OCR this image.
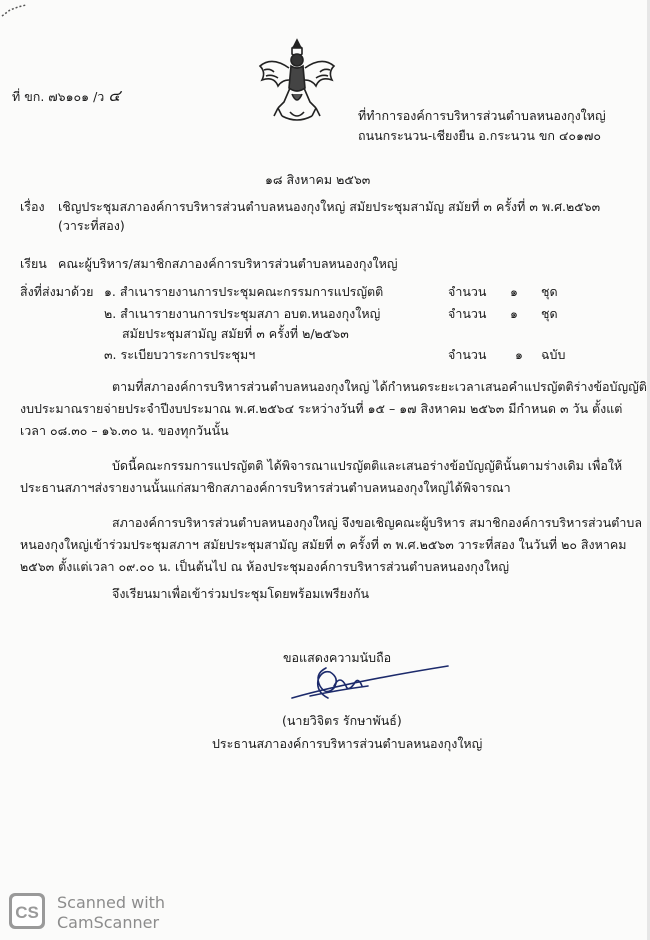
ที่ ขก. ๗๖๑๐๑ /ว ๔
ที่ทำการองค์การบริหารส่วนตำบลหนองกุงใหญ่
ถนนกระนวน-เชียงยืน อ.กระนวน ขก ๔๐๑๗๐
๑๘ สิงหาคม ๒๕๖๓
เรื่อง เชิญประชุมสภาองค์การบริหารส่วนตำบลหนองกุงใหญ่ สมัยประชุมสามัญ สมัยที่ ๓ ครั้งที่ ๓ พ.ศ.๒๕๖๓
(วาระที่สอง)
เรียน คณะผู้บริหาร/สมาชิกสภาองค์การบริหารส่วนตำบลหนองกุงใหญ่
สิ่งที่ส่งมาด้วย ๑. สำเนารายงานการประชุมคณะกรรมการแปรญัตติ	จำนวน ๑ ชุด
๒. สำเนารายงานการประชุมสภา อบต.หนองกุงใหญ่	จำนวน ๑ ชุด
สมัยประชุมสามัญ สมัยที่ ๓ ครั้งที่ ๒/๒๕๖๓
๓. ระเบียบวาระการประชุมฯ	จำนวน ๑ ฉบับ
ตามที่สภาองค์การบริหารส่วนตำบลหนองกุงใหญ่ ได้กำหนดระยะเวลาเสนอคำแปรญัตติร่างข้อบัญญัติ
งบประมาณรายจ่ายประจำปีงบประมาณ พ.ศ.๒๕๖๔ ระหว่างวันที่ ๑๕ – ๑๗ สิงหาคม ๒๕๖๓ มีกำหนด ๓ วัน ตั้งแต่
เวลา ๐๘.๓๐ – ๑๖.๓๐ น. ของทุกวันนั้น
บัดนี้คณะกรรมการแปรญัตติ ได้พิจารณาแปรญัตติและเสนอร่างข้อบัญญัตินั้นตามร่างเดิม เพื่อให้
ประธานสภาฯส่งรายงานนั้นแก่สมาชิกสภาองค์การบริหารส่วนตำบลหนองกุงใหญ่ได้พิจารณา
สภาองค์การบริหารส่วนตำบลหนองกุงใหญ่ จึงขอเชิญคณะผู้บริหาร สมาชิกองค์การบริหารส่วนตำบล
หนองกุงใหญ่เข้าร่วมประชุมสภาฯ สมัยประชุมสามัญ สมัยที่ ๓ ครั้งที่ ๓ พ.ศ.๒๕๖๓ วาระที่สอง ในวันที่ ๒๐ สิงหาคม
๒๕๖๓ ตั้งแต่เวลา ๐๙.๐๐ น. เป็นต้นไป ณ ห้องประชุมองค์การบริหารส่วนตำบลหนองกุงใหญ่
จึงเรียนมาเพื่อเข้าร่วมประชุมโดยพร้อมเพรียงกัน
ขอแสดงความนับถือ
(นายวิจิตร รักษาพันธ์)
ประธานสภาองค์การบริหารส่วนตำบลหนองกุงใหญ่
CS
Scanned with
CamScanner
